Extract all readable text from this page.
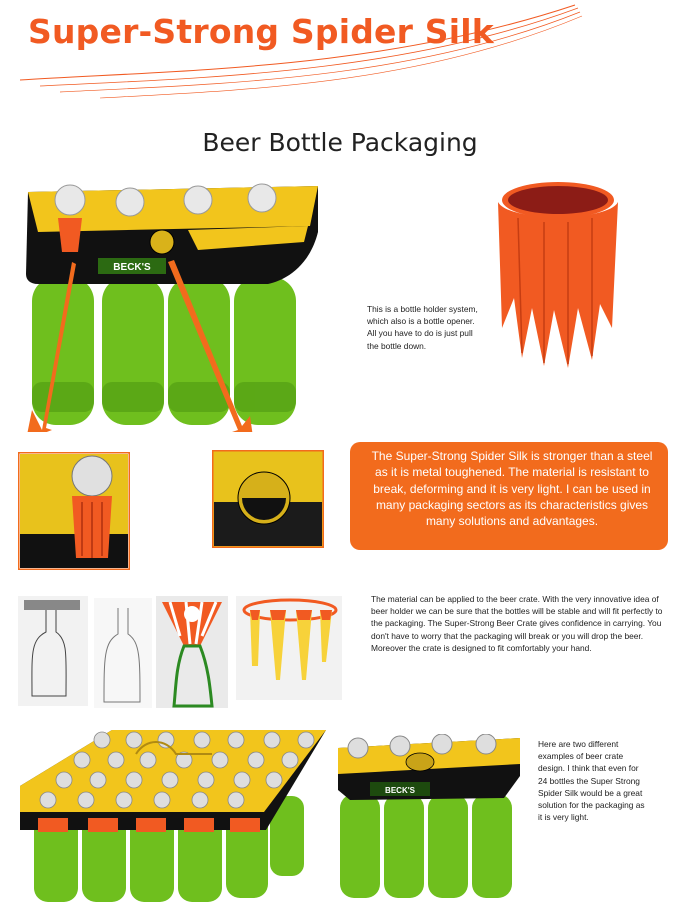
Super-Strong Spider Silk
Beer Bottle Packaging
BECK'S
This is a bottle holder system, which also is a bottle opener. All you have to do is just pull the bottle down.
The Super-Strong Spider Silk is stronger than a steel as it is metal toughened. The material is resistant to break, deforming and it is very light. I can be used in many packaging sectors as its characteristics gives many solutions and advantages.
The material can be applied to the beer crate. With the very innovative idea of beer holder we can be sure that the bottles will be stable and will fit perfectly to the packaging. The Super-Strong Beer Crate gives confidence in carrying. You don't have to worry that the packaging will break or you will drop the beer. Moreover the crate is designed to fit comfortably your hand.
BECK'S
Here are two different examples of beer crate design. I think that even for 24 bottles the Super Strong Spider Silk would be a great solution for the packaging as it is very light.
